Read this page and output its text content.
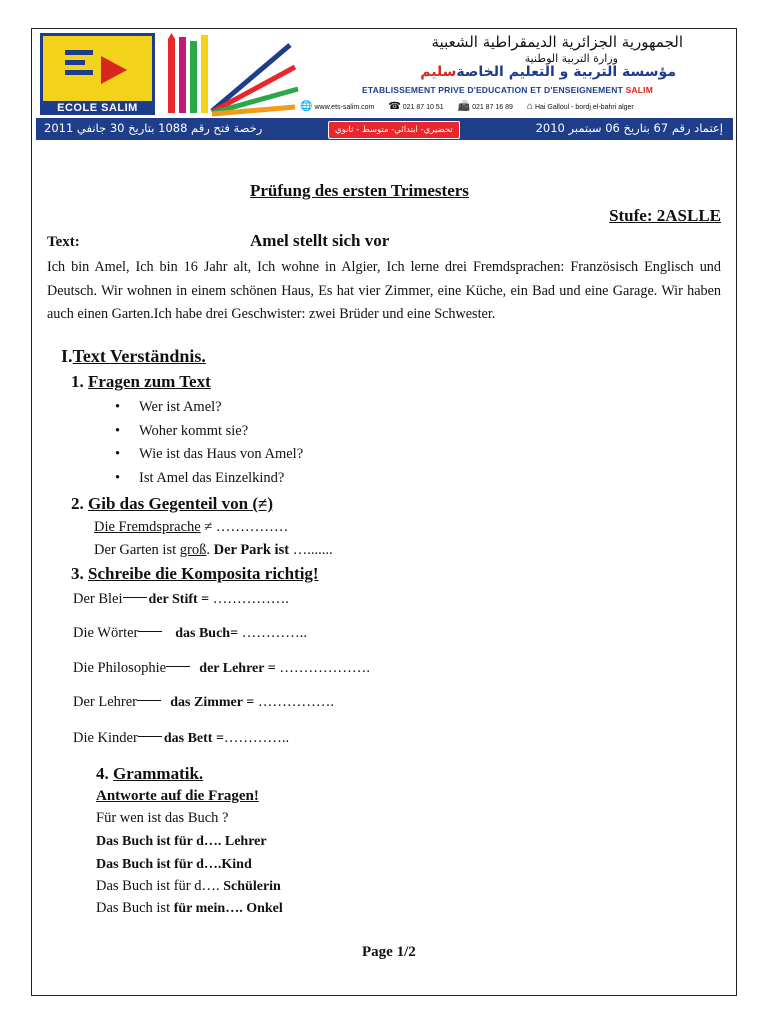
ECOLE SALIM
الجمهورية الجزائرية الديمقراطية الشعبية
وزارة التربية الوطنية
مؤسسة التربية و التعليم الخاصةسليم
ETABLISSEMENT PRIVE D'EDUCATION ET D'ENSEIGNEMENT SALIM
🌐 www.ets-salim.com ☎ 021 87 10 51 📠 021 87 16 89 ⌂ Hai Galloul - bordj el-bahri alger
رخصة فتح رقم 1088 بتاريخ 30 جانفي 2011	تحضيري- ابتدائي- متوسط - ثانوي	إعتماد رقم 67 بتاريخ 06 سبتمبر 2010
Prüfung des ersten Trimesters
Stufe: 2ASLLE
Text:	Amel stellt sich vor
Ich bin Amel, Ich bin 16 Jahr alt, Ich wohne in Algier, Ich lerne drei Fremdsprachen: Französisch Englisch und Deutsch. Wir wohnen in einem schönen Haus, Es hat vier Zimmer, eine Küche, ein Bad und eine Garage. Wir haben auch einen Garten.Ich habe drei Geschwister: zwei Brüder und eine Schwester.
I.Text Verständnis.
1. Fragen zum Text
• Wer ist Amel?
• Woher kommt sie?
• Wie ist das Haus von Amel?
• Ist Amel das Einzelkind?
2. Gib das Gegenteil von (≠)
Die Fremdsprache ≠ ……………
Der Garten ist groß. Der Park ist ….......
3. Schreibe die Komposita richtig!
Der Blei der Stift = …………….
Die Wörter	das Buch= …………..
Die Philosophie der Lehrer = ……………….
Der Lehrer das Zimmer = …………….
Die Kinder das Bett =…………..
4. Grammatik.
Antworte auf die Fragen!
Für wen ist das Buch ?
Das Buch ist für d…. Lehrer
Das Buch ist für d….Kind
Das Buch ist für d…. Schülerin
Das Buch ist für mein…. Onkel
Page 1/2
